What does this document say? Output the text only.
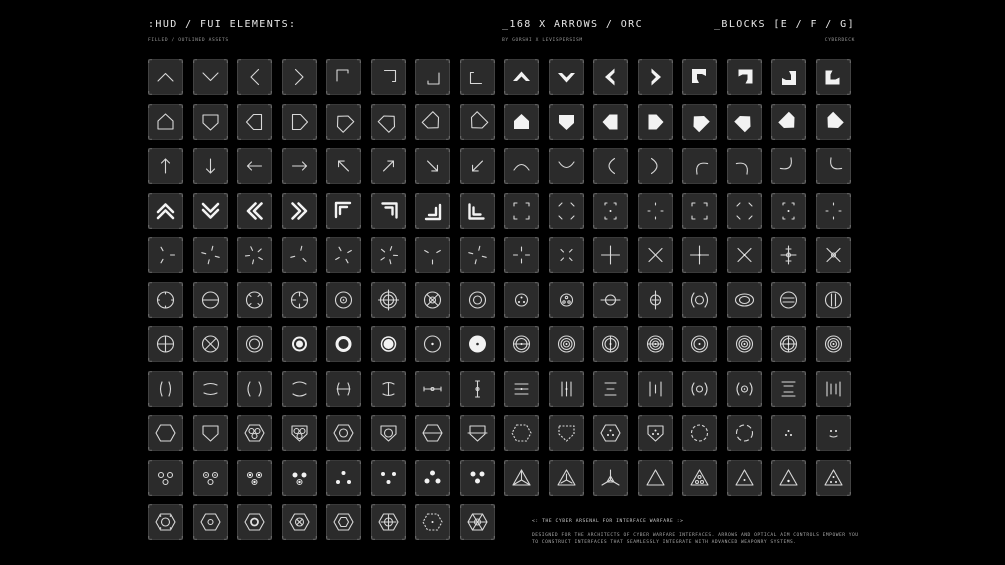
:HUD / FUI ELEMENTS:
FILLED / OUTLINED ASSETS
_168 X ARROWS / ORC
BY GORSHI X LEVISPERSISM
_BLOCKS [E / F / G]
CYBERDECK
<: THE CYBER ARSENAL FOR INTERFACE WARFARE :>
DESIGNED FOR THE ARCHITECTS OF CYBER WARFARE INTERFACES. ARROWS AND OPTICAL AIM CONTROLS EMPOWER YOU
TO CONSTRUCT INTERFACES THAT SEAMLESSLY INTEGRATE WITH ADVANCED WEAPONRY SYSTEMS.
